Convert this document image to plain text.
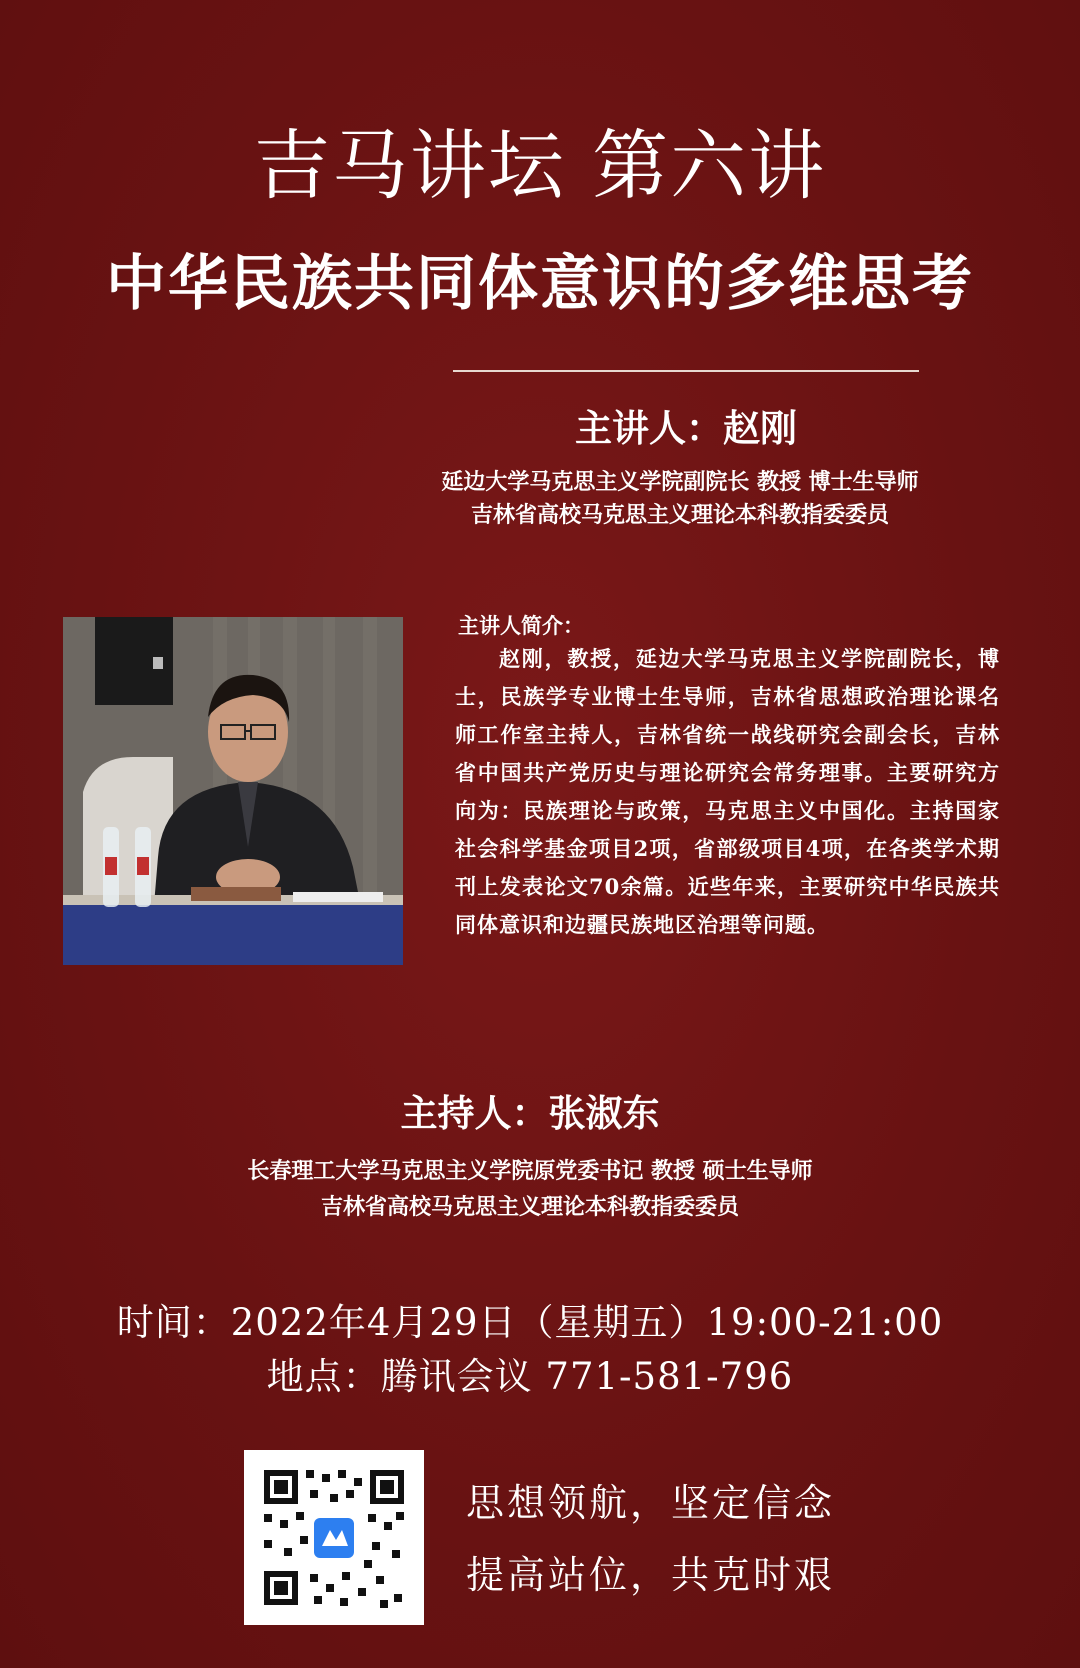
吉马讲坛 第六讲
中华民族共同体意识的多维思考
主讲人：赵刚
延边大学马克思主义学院副院长 教授 博士生导师
吉林省高校马克思主义理论本科教指委委员
主讲人简介：
赵刚，教授，延边大学马克思主义学院副院长，博士，民族学专业博士生导师，吉林省思想政治理论课名师工作室主持人，吉林省统一战线研究会副会长，吉林省中国共产党历史与理论研究会常务理事。主要研究方向为：民族理论与政策，马克思主义中国化。主持国家社会科学基金项目2项，省部级项目4项，在各类学术期刊上发表论文70余篇。近些年来，主要研究中华民族共同体意识和边疆民族地区治理等问题。
主持人：张淑东
长春理工大学马克思主义学院原党委书记 教授 硕士生导师
吉林省高校马克思主义理论本科教指委委员
时间：2022年4月29日（星期五）19:00-21:00
地点：腾讯会议 771-581-796
思想领航，坚定信念
提高站位，共克时艰
